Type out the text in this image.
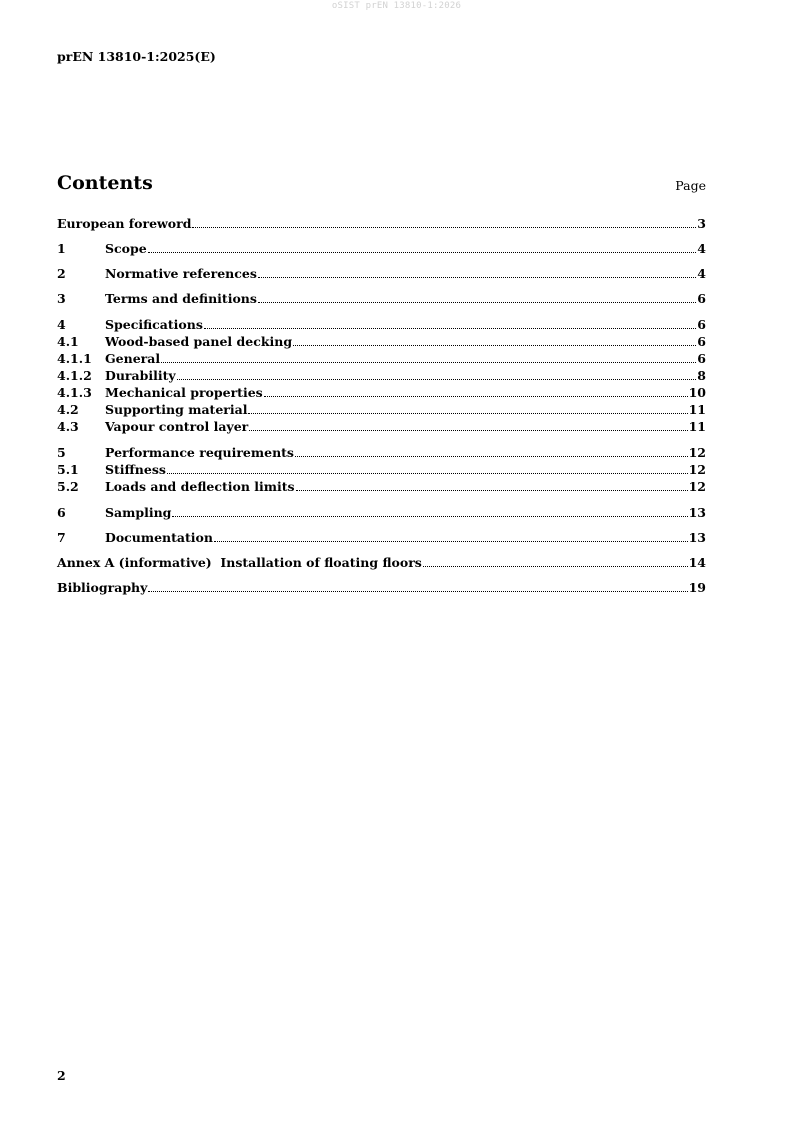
oSIST prEN 13810-1:2026
prEN 13810-1:2025(E)
Contents	Page
European foreword	3
1	Scope	4
2	Normative references	4
3	Terms and definitions	6
4	Specifications	6
4.1	Wood-based panel decking	6
4.1.1	General	6
4.1.2	Durability	8
4.1.3	Mechanical properties	10
4.2	Supporting material	11
4.3	Vapour control layer	11
5	Performance requirements	12
5.1	Stiffness	12
5.2	Loads and deflection limits	12
6	Sampling	13
7	Documentation	13
Annex A (informative)  Installation of floating floors	14
Bibliography	19
2
